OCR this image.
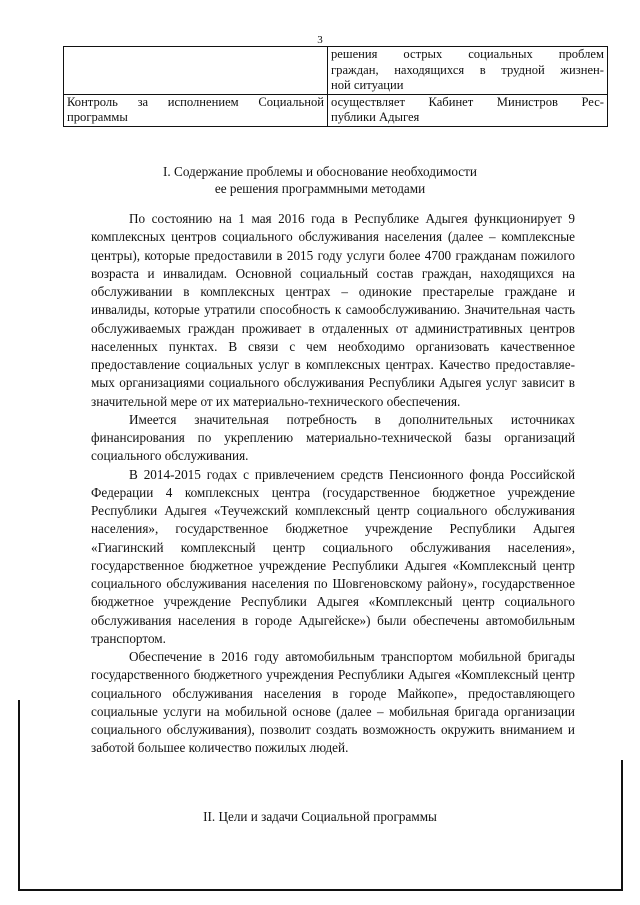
3

	решения острых социальных проблем
граждан, находящихся в трудной жизнен-
ной ситуации

Контроль за исполнением Социальной
программы	осуществляет Кабинет Министров Рес-
публики Адыгея
I. Содержание проблемы и обоснование необходимости
ее решения программными методами

По состоянию на 1 мая 2016 года в Республике Адыгея функционирует 9 комплексных центров социального обслуживания населения (далее – комплексные центры), которые предоставили в 2015 году услуги более 4700 гражданам пожилого возраста и инвалидам. Основной социальный состав граждан, находящихся на обслуживании в комплексных центрах – одинокие престарелые граждане и инвалиды, которые утратили способность к самообслуживанию. Значительная часть обслуживаемых граждан проживает в отдаленных от административных центров населенных пунктах. В связи с чем необходимо организовать качественное предоставление социальных услуг в комплексных центрах. Качество предоставляемых организациями социального обслуживания Республики Адыгея услуг зависит в значительной мере от их материально-технического обеспечения.

Имеется значительная потребность в дополнительных источниках финансирования по укреплению материально-технической базы организаций социального обслуживания.

В 2014-2015 годах с привлечением средств Пенсионного фонда Российской Федерации 4 комплексных центра (государственное бюджетное учреждение Республики Адыгея «Теучежский комплексный центр социального обслуживания населения», государственное бюджетное учреждение Республики Адыгея «Гиагинский комплексный центр социального обслуживания населения», государственное бюджетное учреждение Республики Адыгея «Комплексный центр социального обслуживания населения по Шовгеновскому району», государственное бюджетное учреждение Республики Адыгея «Комплексный центр социального обслуживания населения в городе Адыгейске») были обеспечены автомобильным транспортом.

Обеспечение в 2016 году автомобильным транспортом мобильной бригады государственного бюджетного учреждения Республики Адыгея «Комплексный центр социального обслуживания населения в городе Майкопе», предоставляющего социальные услуги на мобильной основе (далее – мобильная бригада организации социального обслуживания), позволит создать возможность окружить вниманием и заботой большее количество пожилых людей.

II. Цели и задачи Социальной программы
